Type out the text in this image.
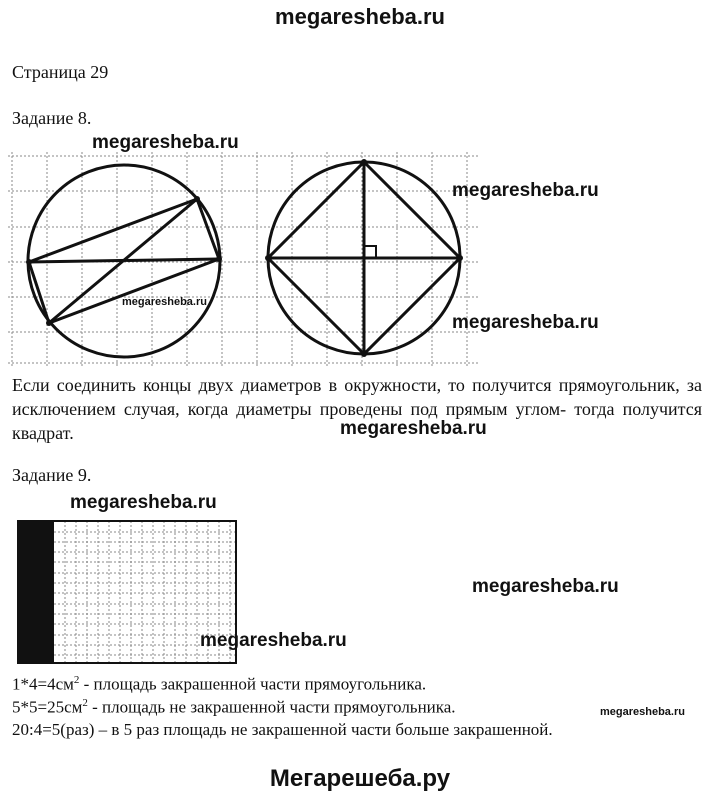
megaresheba.ru
Страница 29
Задание 8.
Если соединить концы двух диаметров в окружности, то получится прямоугольник, за исключением случая, когда диаметры проведены под прямым углом- тогда получится квадрат.
Задание 9.
$1*4=4см^2$ - площадь закрашенной части прямоугольника.
$5*5=25см^2$ - площадь не закрашенной части прямоугольника.
20:4=5(раз) – в 5 раз площадь не закрашенной части больше закрашенной.
megaresheba.ru
megaresheba.ru
megaresheba.ru
megaresheba.ru
megaresheba.ru
megaresheba.ru
megaresheba.ru
megaresheba.ru
megaresheba.ru
Мегарешеба.ру
